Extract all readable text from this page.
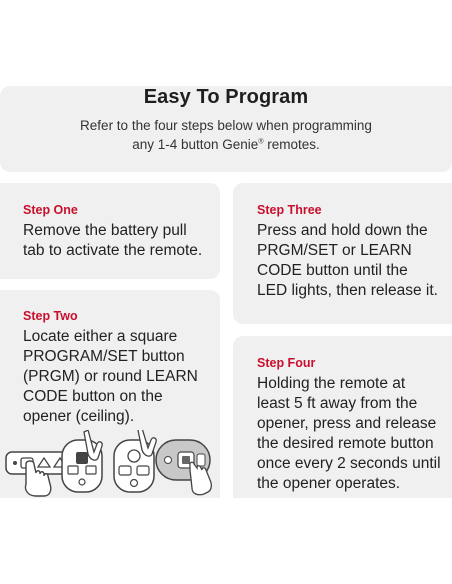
Easy To Program
Refer to the four steps below when programming
any 1-4 button Genie® remotes.
Step One
Remove the battery pull
tab to activate the remote.
Step Two
Locate either a square
PROGRAM/SET button
(PRGM) or round LEARN
CODE button on the
opener (ceiling).
Step Three
Press and hold down the
PRGM/SET or LEARN
CODE button until the
LED lights, then release it.
Step Four
Holding the remote at
least 5 ft away from the
opener, press and release
the desired remote button
once every 2 seconds until
the opener operates.
